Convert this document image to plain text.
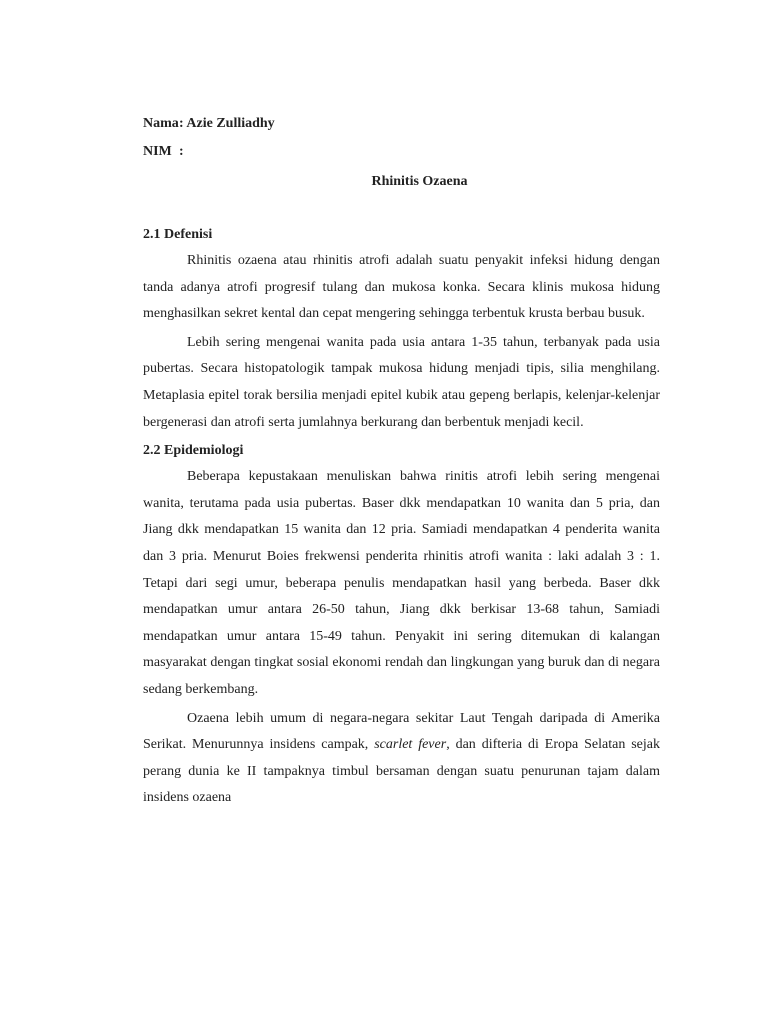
Nama: Azie Zulliadhy
NIM :
Rhinitis Ozaena
2.1 Defenisi

Rhinitis ozaena atau rhinitis atrofi adalah suatu penyakit infeksi hidung dengan tanda adanya atrofi progresif tulang dan mukosa konka. Secara klinis mukosa hidung menghasilkan sekret kental dan cepat mengering sehingga terbentuk krusta berbau busuk.

Lebih sering mengenai wanita pada usia antara 1-35 tahun, terbanyak pada usia pubertas. Secara histopatologik tampak mukosa hidung menjadi tipis, silia menghilang. Metaplasia epitel torak bersilia menjadi epitel kubik atau gepeng berlapis, kelenjar-kelenjar bergenerasi dan atrofi serta jumlahnya berkurang dan berbentuk menjadi kecil.

2.2 Epidemiologi

Beberapa kepustakaan menuliskan bahwa rinitis atrofi lebih sering mengenai wanita, terutama pada usia pubertas. Baser dkk mendapatkan 10 wanita dan 5 pria, dan Jiang dkk mendapatkan 15 wanita dan 12 pria. Samiadi mendapatkan 4 penderita wanita dan 3 pria. Menurut Boies frekwensi penderita rhinitis atrofi wanita : laki adalah 3 : 1. Tetapi dari segi umur, beberapa penulis mendapatkan hasil yang berbeda. Baser dkk mendapatkan umur antara 26-50 tahun, Jiang dkk berkisar 13-68 tahun, Samiadi mendapatkan umur antara 15-49 tahun. Penyakit ini sering ditemukan di kalangan masyarakat dengan tingkat sosial ekonomi rendah dan lingkungan yang buruk dan di negara sedang berkembang.

Ozaena lebih umum di negara-negara sekitar Laut Tengah daripada di Amerika Serikat. Menurunnya insidens campak, scarlet fever, dan difteria di Eropa Selatan sejak perang dunia ke II tampaknya timbul bersaman dengan suatu penurunan tajam dalam insidens ozaena
